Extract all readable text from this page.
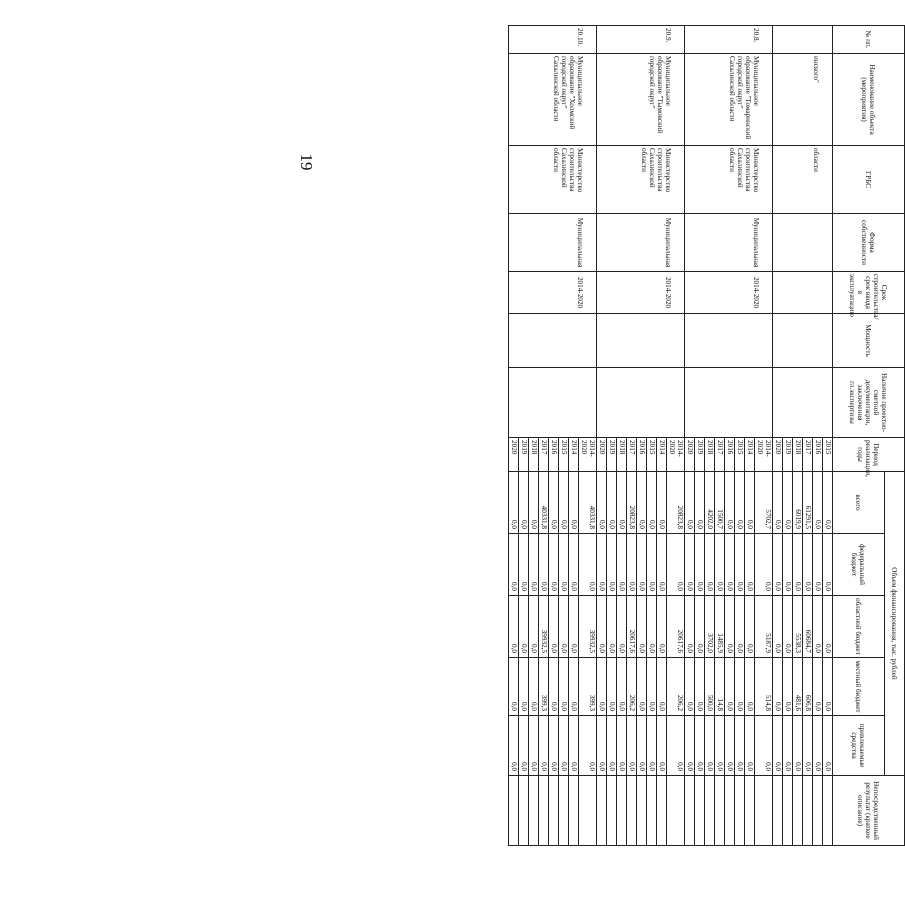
19
№ пп.	Наименование объекта (мероприятия)	ГРБС	Форма собственности	Срок строительства/срок ввода в эксплуатацию	Мощность	Наличие проектно-сметной документации, заключения гл.экспертизы	Период реализации, годы	Объем финансирования, тыс. рублей					Непосредственный результат (краткое описание)
								всего	федеральный бюджет	областной бюджет	местный бюджет	привлекаемые средства	
	инского"	области					2015	0,0	0,0	0,0	0,0	0,0	
							2016	0,0	0,0	0,0	0,0	0,0	
							2017	61291,5	0,0	60684,7	606,8	0,0	
							2018	6019,9	0,0	5538,3	481,6	0,0	
							2019	0,0	0,0	0,0	0,0	0,0	
							2020	0,0	0,0	0,0	0,0	0,0	
20.8.	Муниципальное образование "Томаринский городской округ" Сахалинской области	Министерство строительства Сахалинской области	Муниципальная	2014-2020			2014-2020	5702,7	0,0	5187,9	514,8	0,0	
							2014	0,0	0,0	0,0	0,0	0,0	
							2015	0,0	0,0	0,0	0,0	0,0	
							2016	0,0	0,0	0,0	0,0	0,0	
							2017	1500,7	0,0	1485,9	14,8	0,0	
							2018	4202,0	0,0	3702,0	500,0	0,0	
							2019	0,0	0,0	0,0	0,0	0,0	
							2020	0,0	0,0	0,0	0,0	0,0	
20.9.	Муниципальное образование "Тымовский городской округ"	Министерство строительства Сахалинской области	Муниципальная	2014-2020			2014-2020	20823,8	0,0	20617,6	206,2	0,0	
							2014	0,0	0,0	0,0	0,0	0,0	
							2015	0,0	0,0	0,0	0,0	0,0	
							2016	0,0	0,0	0,0	0,0	0,0	
							2017	20823,8	0,0	20617,6	206,2	0,0	
							2018	0,0	0,0	0,0	0,0	0,0	
							2019	0,0	0,0	0,0	0,0	0,0	
							2020	0,0	0,0	0,0	0,0	0,0	
20.10.	Муниципальное образование "Холмский городской округ" Сахалинской области	Министерство строительства Сахалинской области	Муниципальная	2014-2020			2014-2020	40331,8	0,0	39932,5	399,3	0,0	
							2014	0,0	0,0	0,0	0,0	0,0	
							2015	0,0	0,0	0,0	0,0	0,0	
							2016	0,0	0,0	0,0	0,0	0,0	
							2017	40331,8	0,0	39932,5	399,3	0,0	
							2018	0,0	0,0	0,0	0,0	0,0	
							2019	0,0	0,0	0,0	0,0	0,0	
							2020	0,0	0,0	0,0	0,0	0,0	
